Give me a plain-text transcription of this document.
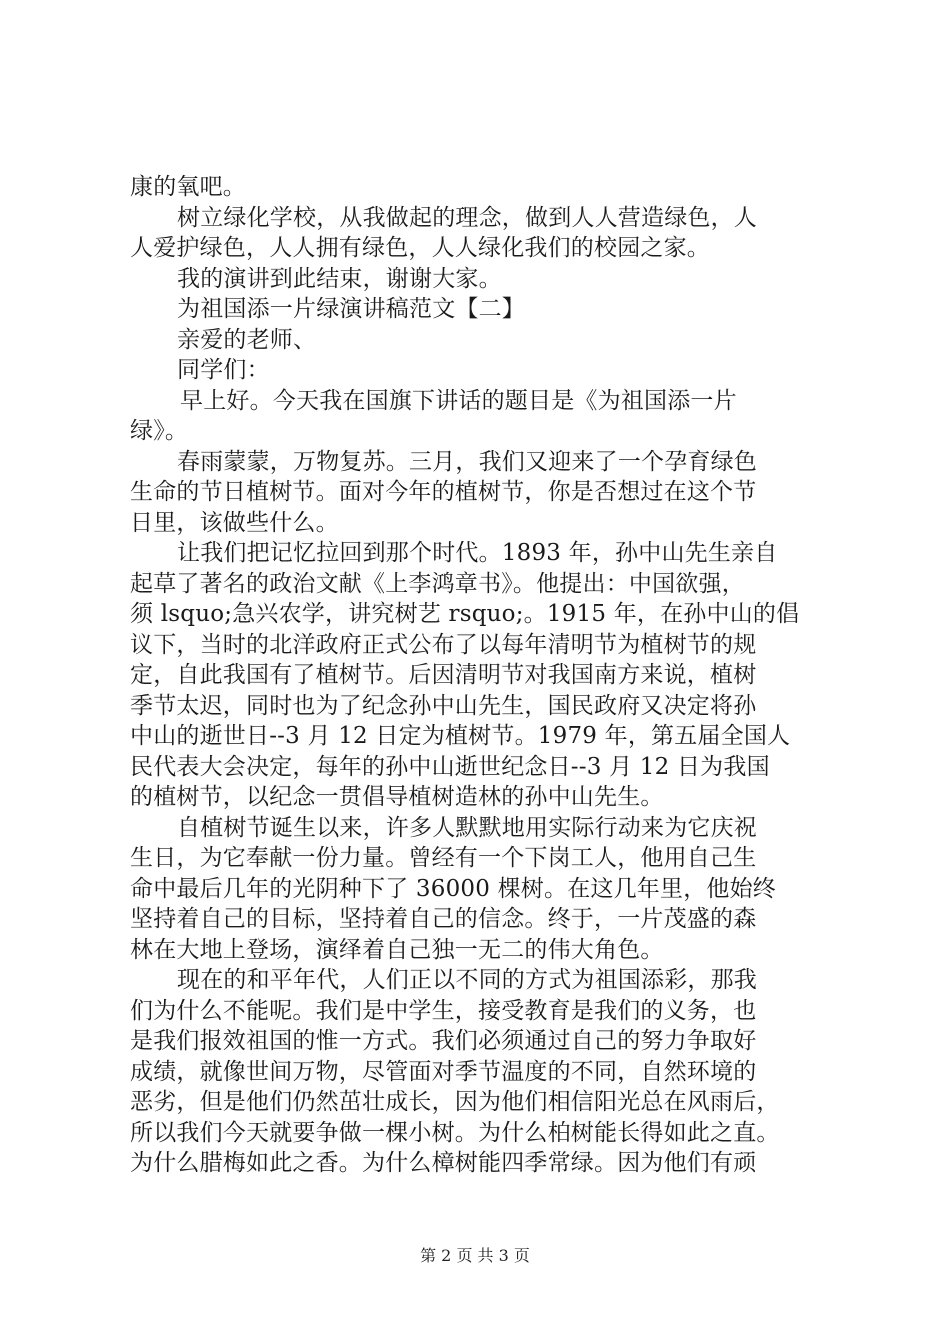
康的氧吧。
树立绿化学校，从我做起的理念，做到人人营造绿色，人
人爱护绿色，人人拥有绿色，人人绿化我们的校园之家。
我的演讲到此结束，谢谢大家。
为祖国添一片绿演讲稿范文【二】
亲爱的老师、
同学们：
早上好。今天我在国旗下讲话的题目是《为祖国添一片
绿》。
春雨蒙蒙，万物复苏。三月，我们又迎来了一个孕育绿色
生命的节日植树节。面对今年的植树节，你是否想过在这个节
日里，该做些什么。
让我们把记忆拉回到那个时代。1893 年，孙中山先生亲自
起草了著名的政治文献《上李鸿章书》。他提出：中国欲强，
须 lsquo;急兴农学，讲究树艺 rsquo;。1915 年，在孙中山的倡
议下，当时的北洋政府正式公布了以每年清明节为植树节的规
定，自此我国有了植树节。后因清明节对我国南方来说，植树
季节太迟，同时也为了纪念孙中山先生，国民政府又决定将孙
中山的逝世日--3 月 12 日定为植树节。1979 年，第五届全国人
民代表大会决定，每年的孙中山逝世纪念日--3 月 12 日为我国
的植树节，以纪念一贯倡导植树造林的孙中山先生。
自植树节诞生以来，许多人默默地用实际行动来为它庆祝
生日，为它奉献一份力量。曾经有一个下岗工人，他用自己生
命中最后几年的光阴种下了 36000 棵树。在这几年里，他始终
坚持着自己的目标，坚持着自己的信念。终于，一片茂盛的森
林在大地上登场，演绎着自己独一无二的伟大角色。
现在的和平年代，人们正以不同的方式为祖国添彩，那我
们为什么不能呢。我们是中学生，接受教育是我们的义务，也
是我们报效祖国的惟一方式。我们必须通过自己的努力争取好
成绩，就像世间万物，尽管面对季节温度的不同，自然环境的
恶劣，但是他们仍然茁壮成长，因为他们相信阳光总在风雨后，
所以我们今天就要争做一棵小树。为什么柏树能长得如此之直。
为什么腊梅如此之香。为什么樟树能四季常绿。因为他们有顽
第 2 页 共 3 页
